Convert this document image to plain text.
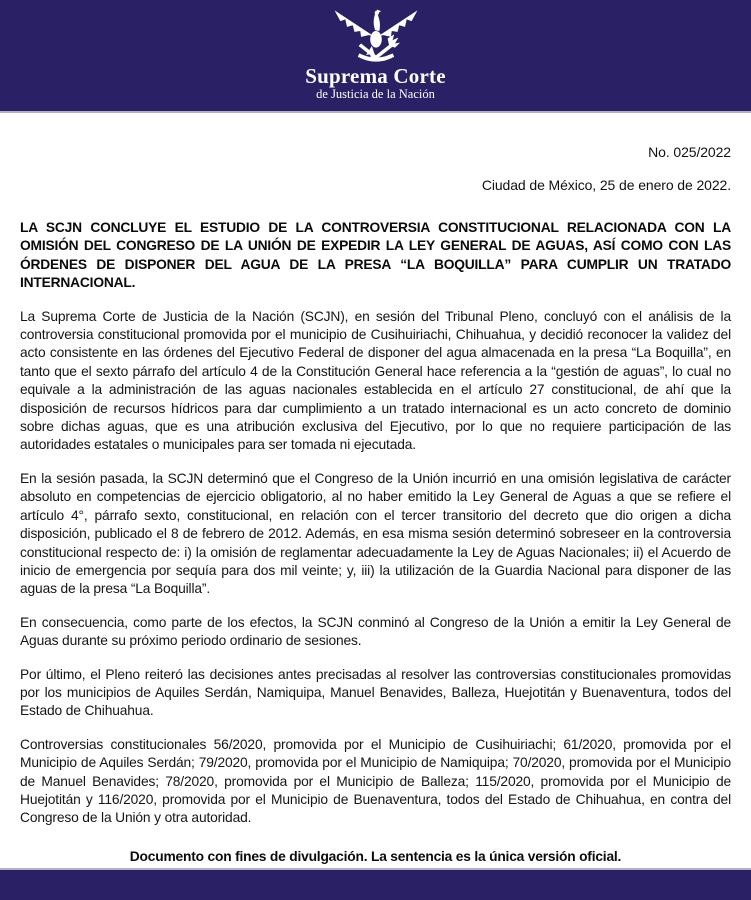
Suprema Corte
de Justicia de la Nación
No. 025/2022
Ciudad de México, 25 de enero de 2022.
LA SCJN CONCLUYE EL ESTUDIO DE LA CONTROVERSIA CONSTITUCIONAL RELACIONADA CON LA OMISIÓN DEL CONGRESO DE LA UNIÓN DE EXPEDIR LA LEY GENERAL DE AGUAS, ASÍ COMO CON LAS ÓRDENES DE DISPONER DEL AGUA DE LA PRESA “LA BOQUILLA” PARA CUMPLIR UN TRATADO INTERNACIONAL.

La Suprema Corte de Justicia de la Nación (SCJN), en sesión del Tribunal Pleno, concluyó con el análisis de la controversia constitucional promovida por el municipio de Cusihuiriachi, Chihuahua, y decidió reconocer la validez del acto consistente en las órdenes del Ejecutivo Federal de disponer del agua almacenada en la presa “La Boquilla”, en tanto que el sexto párrafo del artículo 4 de la Constitución General hace referencia a la “gestión de aguas”, lo cual no equivale a la administración de las aguas nacionales establecida en el artículo 27 constitucional, de ahí que la disposición de recursos hídricos para dar cumplimiento a un tratado internacional es un acto concreto de dominio sobre dichas aguas, que es una atribución exclusiva del Ejecutivo, por lo que no requiere participación de las autoridades estatales o municipales para ser tomada ni ejecutada.

En la sesión pasada, la SCJN determinó que el Congreso de la Unión incurrió en una omisión legislativa de carácter absoluto en competencias de ejercicio obligatorio, al no haber emitido la Ley General de Aguas a que se refiere el artículo 4°, párrafo sexto, constitucional, en relación con el tercer transitorio del decreto que dio origen a dicha disposición, publicado el 8 de febrero de 2012. Además, en esa misma sesión determinó sobreseer en la controversia constitucional respecto de: i) la omisión de reglamentar adecuadamente la Ley de Aguas Nacionales; ii) el Acuerdo de inicio de emergencia por sequía para dos mil veinte; y, iii) la utilización de la Guardia Nacional para disponer de las aguas de la presa “La Boquilla”.

En consecuencia, como parte de los efectos, la SCJN conminó al Congreso de la Unión a emitir la Ley General de Aguas durante su próximo periodo ordinario de sesiones.

Por último, el Pleno reiteró las decisiones antes precisadas al resolver las controversias constitucionales promovidas por los municipios de Aquiles Serdán, Namiquipa, Manuel Benavides, Balleza, Huejotitán y Buenaventura, todos del Estado de Chihuahua.

Controversias constitucionales 56/2020, promovida por el Municipio de Cusihuiriachi; 61/2020, promovida por el Municipio de Aquiles Serdán; 79/2020, promovida por el Municipio de Namiquipa; 70/2020, promovida por el Municipio de Manuel Benavides; 78/2020, promovida por el Municipio de Balleza; 115/2020, promovida por el Municipio de Huejotitán y 116/2020, promovida por el Municipio de Buenaventura, todos del Estado de Chihuahua, en contra del Congreso de la Unión y otra autoridad.

Documento con fines de divulgación. La sentencia es la única versión oficial.
